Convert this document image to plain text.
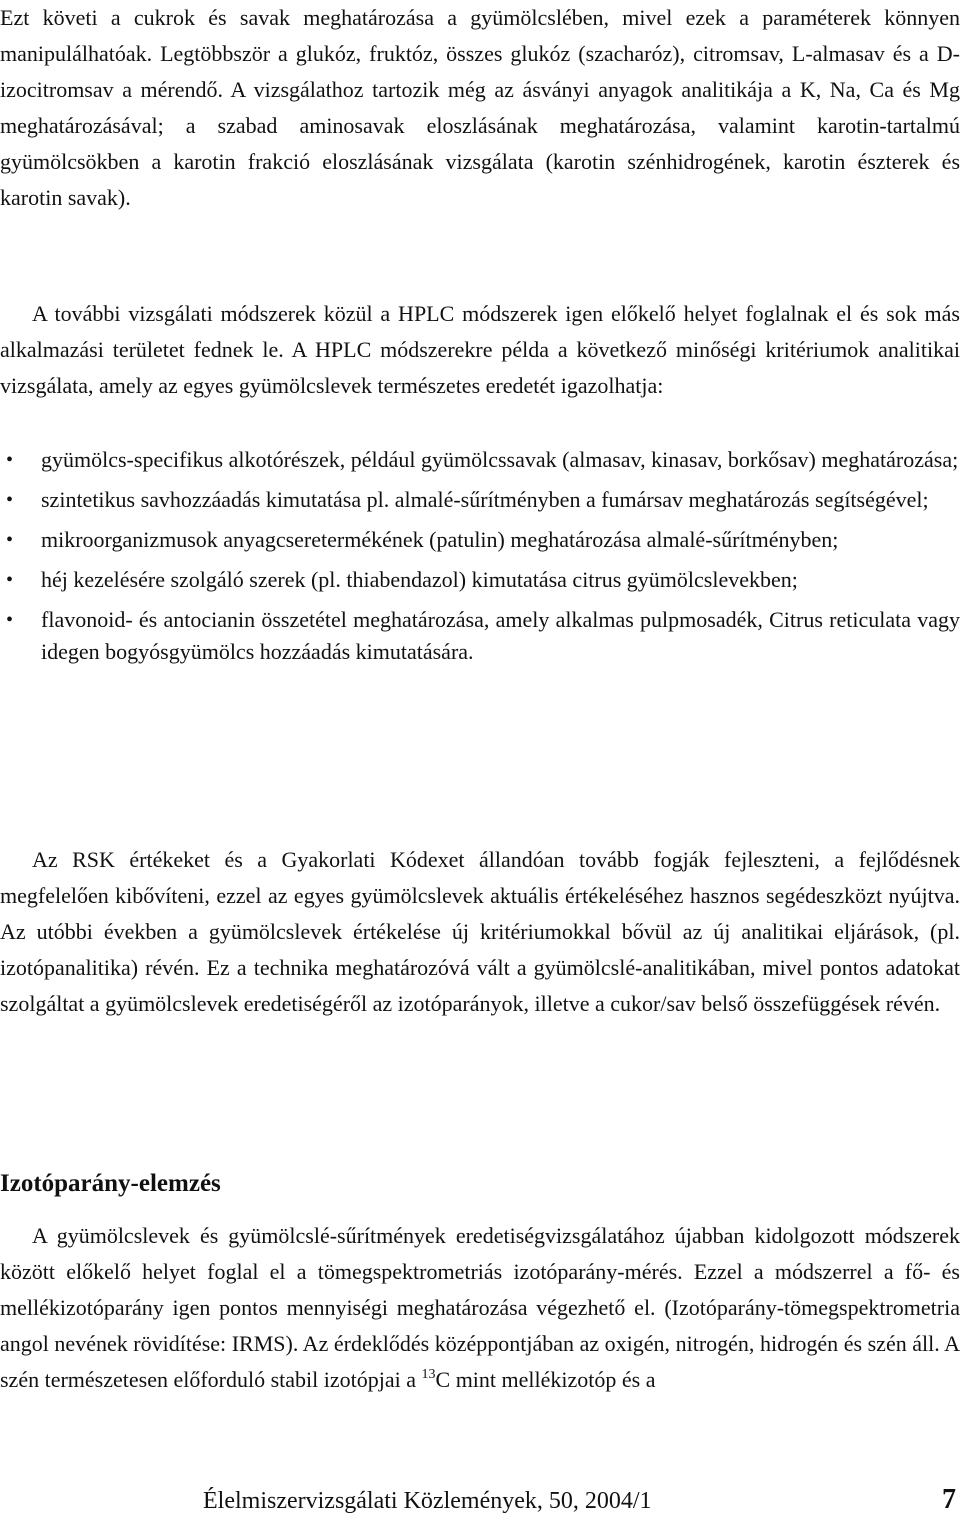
Ezt követi a cukrok és savak meghatározása a gyümölcslében, mivel ezek a paraméterek könnyen manipulálhatóak. Legtöbbször a glukóz, fruktóz, összes glukóz (szacharóz), citromsav, L-almasav és a D-izocitromsav a mérendő. A vizsgálathoz tartozik még az ásványi anyagok analitikája a K, Na, Ca és Mg meghatározásával; a szabad aminosavak eloszlásának meghatározása, valamint karotin-tartalmú gyümölcsökben a karotin frakció eloszlásának vizsgálata (karotin szénhidrogének, karotin észterek és karotin savak).

A további vizsgálati módszerek közül a HPLC módszerek igen előkelő helyet foglalnak el és sok más alkalmazási területet fednek le. A HPLC módszerekre példa a következő minőségi kritériumok analitikai vizsgálata, amely az egyes gyümölcslevek természetes eredetét igazolhatja:

• gyümölcs-specifikus alkotórészek, például gyümölcssavak (almasav, kinasav, borkősav) meghatározása;
• szintetikus savhozzáadás kimutatása pl. almalé-sűrítményben a fumársav meghatározás segítségével;
• mikroorganizmusok anyagcseretermékének (patulin) meghatározása almalé-sűrítményben;
• héj kezelésére szolgáló szerek (pl. thiabendazol) kimutatása citrus gyümölcslevekben;
• flavonoid- és antocianin összetétel meghatározása, amely alkalmas pulpmosadék, Citrus reticulata vagy idegen bogyósgyümölcs hozzáadás kimutatására.

Az RSK értékeket és a Gyakorlati Kódexet állandóan tovább fogják fejleszteni, a fejlődésnek megfelelően kibővíteni, ezzel az egyes gyümölcslevek aktuális értékeléséhez hasznos segédeszközt nyújtva. Az utóbbi években a gyümölcslevek értékelése új kritériumokkal bővül az új analitikai eljárások, (pl. izotópanalitika) révén. Ez a technika meghatározóvá vált a gyümölcslé-analitikában, mivel pontos adatokat szolgáltat a gyümölcslevek eredetiségéről az izotóparányok, illetve a cukor/sav belső összefüggések révén.

Izotóparány-elemzés

A gyümölcslevek és gyümölcslé-sűrítmények eredetiségvizsgálatához újabban kidolgozott módszerek között előkelő helyet foglal el a tömegspektrometriás izotóparány-mérés. Ezzel a módszerrel a fő- és mellékizotóparány igen pontos mennyiségi meghatározása végezhető el. (Izotóparány-tömegspektrometria angol nevének rövidítése: IRMS). Az érdeklődés középpontjában az oxigén, nitrogén, hidrogén és szén áll. A szén természetesen előforduló stabil izotópjai a $^{13}$C mint mellékizotóp és a

Élelmiszervizsgálati Közlemények, 50, 2004/1	7
